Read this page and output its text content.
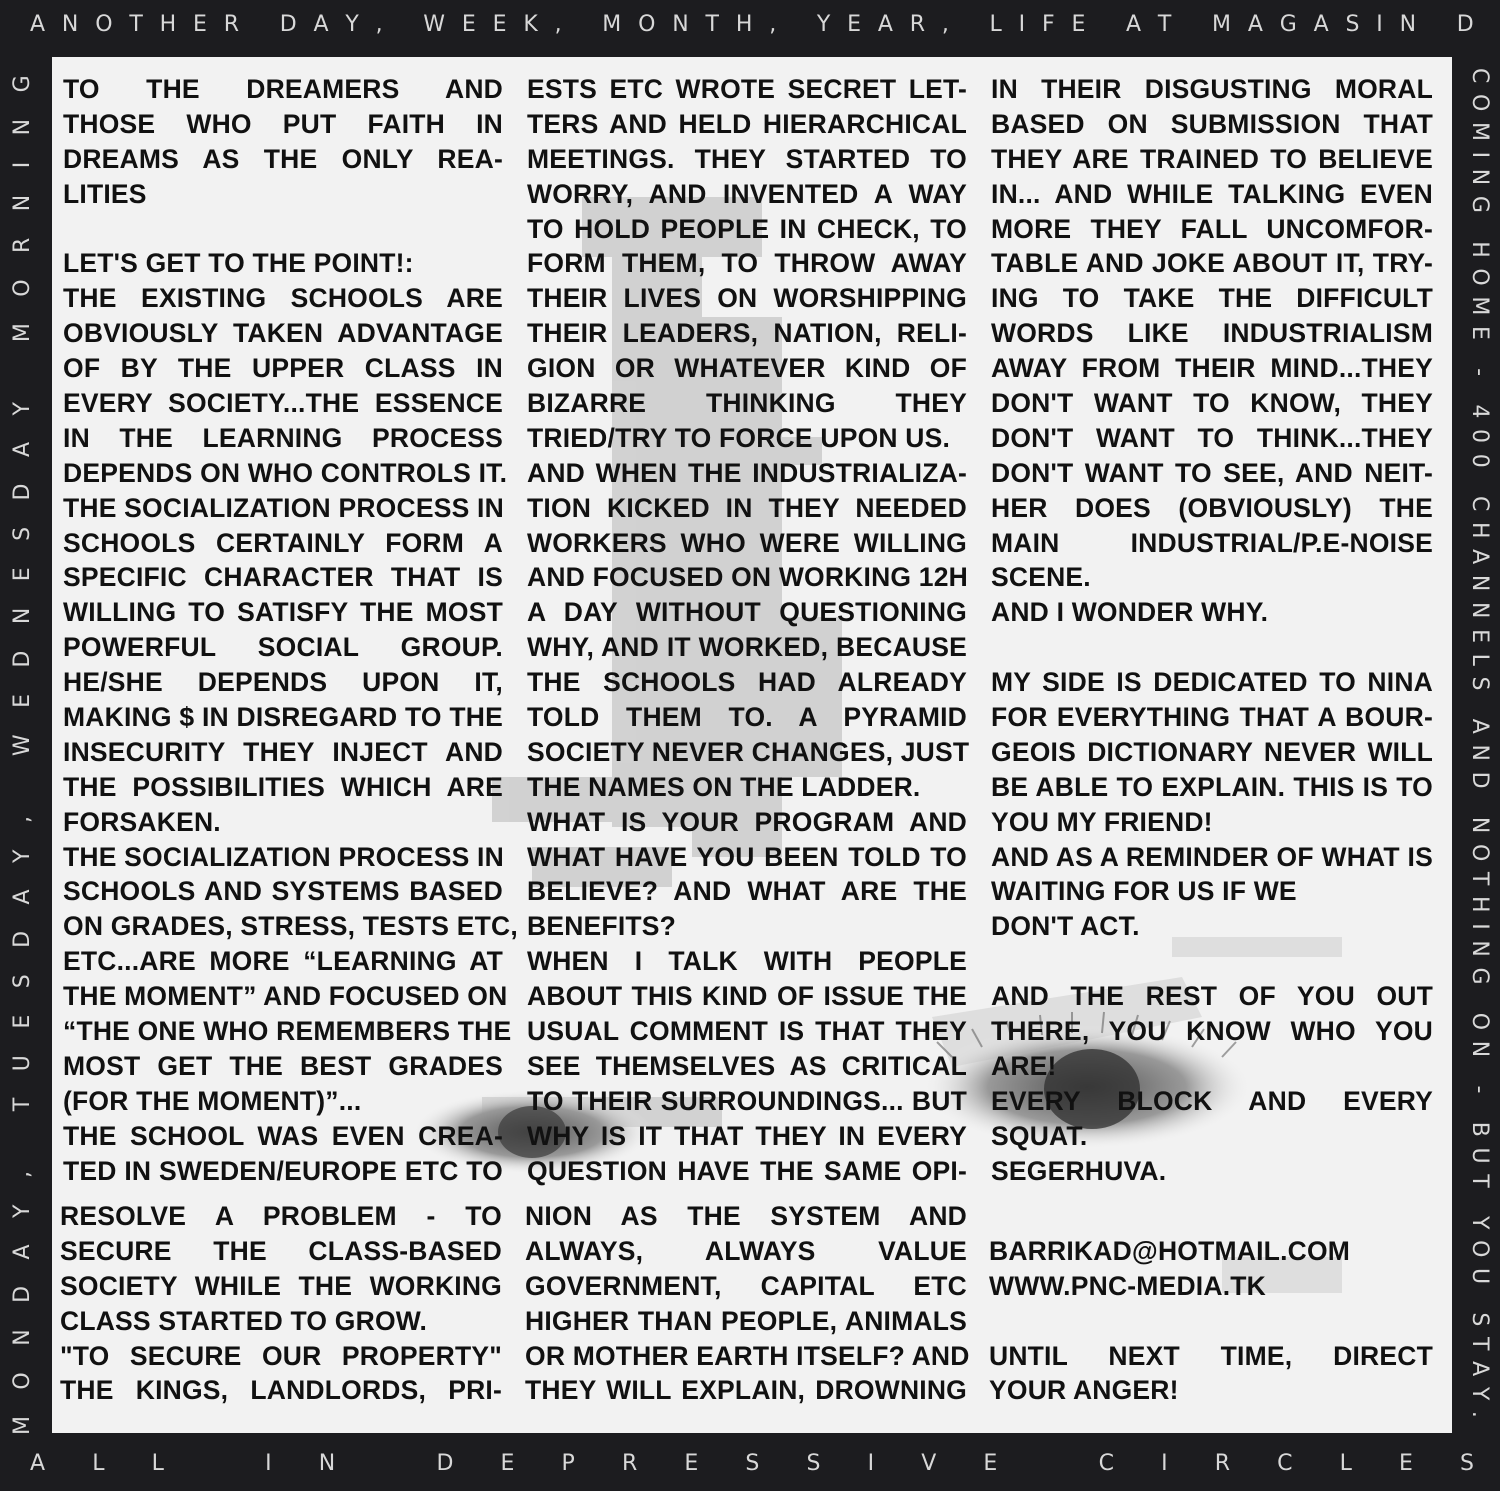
A N O T H E R
D A Y ,
W E E K ,
M O N T H ,
Y E A R ,
L I F E
A T
M A G A S I N
D
A L L
	I N
	D E P R E S S I V E
	C I R C L E S
M
O
N
D
A
Y
,

T
U
E
S
D
A
Y
,

W
E
D
N
E
S
D
A
Y

M
O
R
N
I
N
G	C
O
M
I
N
G

H
O
M
E

-

4
0
0

C
H
A
N
N
E
L
S

A
N
D

N
O
T
H
I
N
G

O
N

-

B
U
T

Y
O
U

S
T
A
Y
.
TO THE DREAMERS AND
THOSE WHO PUT FAITH IN
DREAMS AS THE ONLY REA-
LITIES
LET'S GET TO THE POINT!:
THE EXISTING SCHOOLS ARE
OBVIOUSLY TAKEN ADVANTAGE
OF BY THE UPPER CLASS IN
EVERY SOCIETY...THE ESSENCE
IN THE LEARNING PROCESS
DEPENDS ON WHO CONTROLS IT.
THE SOCIALIZATION PROCESS IN
SCHOOLS CERTAINLY FORM A
SPECIFIC CHARACTER THAT IS
WILLING TO SATISFY THE MOST
POWERFUL SOCIAL GROUP.
HE/SHE DEPENDS UPON IT,
MAKING $ IN DISREGARD TO THE
INSECURITY THEY INJECT AND
THE POSSIBILITIES WHICH ARE
FORSAKEN.
THE SOCIALIZATION PROCESS IN
SCHOOLS AND SYSTEMS BASED
ON GRADES, STRESS, TESTS ETC,
ETC...ARE MORE “LEARNING AT
THE MOMENT” AND FOCUSED ON
“THE ONE WHO REMEMBERS THE
MOST GET THE BEST GRADES
(FOR THE MOMENT)”...
THE SCHOOL WAS EVEN CREA-
TED IN SWEDEN/EUROPE ETC TO
ESTS ETC WROTE SECRET LET-
TERS AND HELD HIERARCHICAL
MEETINGS. THEY STARTED TO
WORRY, AND INVENTED A WAY
TO HOLD PEOPLE IN CHECK, TO
FORM THEM, TO THROW AWAY
THEIR LIVES ON WORSHIPPING
THEIR LEADERS, NATION, RELI-
GION OR WHATEVER KIND OF
BIZARRE THINKING THEY
TRIED/TRY TO FORCE UPON US.
AND WHEN THE INDUSTRIALIZA-
TION KICKED IN THEY NEEDED
WORKERS WHO WERE WILLING
AND FOCUSED ON WORKING 12H
A DAY WITHOUT QUESTIONING
WHY, AND IT WORKED, BECAUSE
THE SCHOOLS HAD ALREADY
TOLD THEM TO. A PYRAMID
SOCIETY NEVER CHANGES, JUST
THE NAMES ON THE LADDER.
WHAT IS YOUR PROGRAM AND
WHAT HAVE YOU BEEN TOLD TO
BELIEVE? AND WHAT ARE THE
BENEFITS?
WHEN I TALK WITH PEOPLE
ABOUT THIS KIND OF ISSUE THE
USUAL COMMENT IS THAT THEY
SEE THEMSELVES AS CRITICAL
TO THEIR SURROUNDINGS... BUT
WHY IS IT THAT THEY IN EVERY
QUESTION HAVE THE SAME OPI-
IN THEIR DISGUSTING MORAL
BASED ON SUBMISSION THAT
THEY ARE TRAINED TO BELIEVE
IN... AND WHILE TALKING EVEN
MORE THEY FALL UNCOMFOR-
TABLE AND JOKE ABOUT IT, TRY-
ING TO TAKE THE DIFFICULT
WORDS LIKE INDUSTRIALISM
AWAY FROM THEIR MIND...THEY
DON'T WANT TO KNOW, THEY
DON'T WANT TO THINK...THEY
DON'T WANT TO SEE, AND NEIT-
HER DOES (OBVIOUSLY) THE
MAIN INDUSTRIAL/P.E-NOISE
SCENE.
AND I WONDER WHY.
MY SIDE IS DEDICATED TO NINA
FOR EVERYTHING THAT A BOUR-
GEOIS DICTIONARY NEVER WILL
BE ABLE TO EXPLAIN. THIS IS TO
YOU MY FRIEND!
AND AS A REMINDER OF WHAT IS
WAITING FOR US IF WE
DON'T ACT.
AND THE REST OF YOU OUT
THERE, YOU KNOW WHO YOU
ARE!
EVERY BLOCK AND EVERY
SQUAT.
SEGERHUVA.
RESOLVE A PROBLEM - TO
SECURE THE CLASS-BASED
SOCIETY WHILE THE WORKING
CLASS STARTED TO GROW.
"TO SECURE OUR PROPERTY"
THE KINGS, LANDLORDS, PRI-
NION AS THE SYSTEM AND
ALWAYS, ALWAYS VALUE
GOVERNMENT, CAPITAL ETC
HIGHER THAN PEOPLE, ANIMALS
OR MOTHER EARTH ITSELF? AND
THEY WILL EXPLAIN, DROWNING
BARRIKAD@HOTMAIL.COM
WWW.PNC-MEDIA.TK
UNTIL NEXT TIME, DIRECT
YOUR ANGER!
